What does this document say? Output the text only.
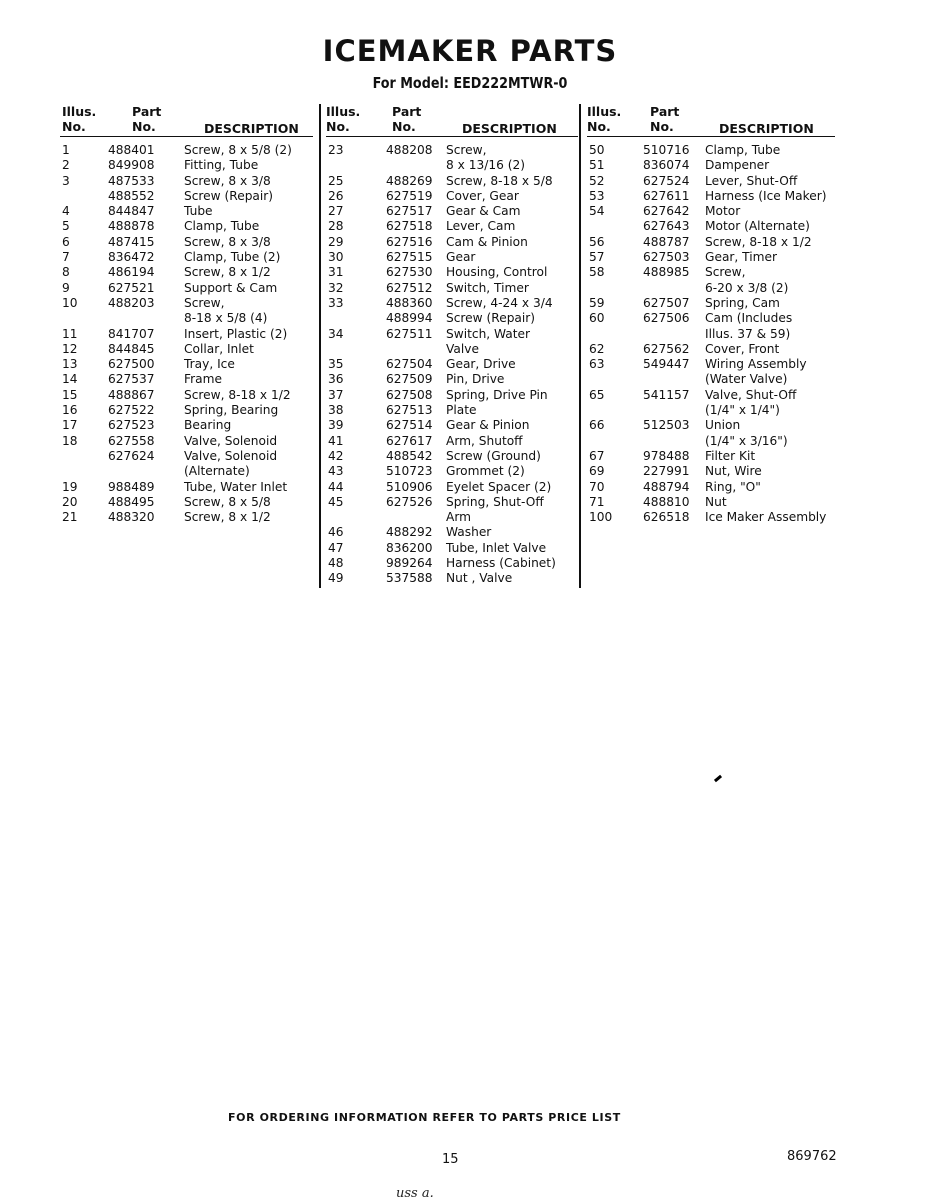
ICEMAKER PARTS
For Model: EED222MTWR-0
Illus.
No.
Part
No.	DESCRIPTION
1	488401 Screw, 8 x 5/8 (2)
2	849908 Fitting, Tube
3	487533 Screw, 8 x 3/8
488552 Screw (Repair)
4	844847 Tube
5	488878 Clamp, Tube
6	487415 Screw, 8 x 3/8
7	836472 Clamp, Tube (2)
8	486194 Screw, 8 x 1/2
9	627521 Support & Cam
10 488203 Screw,
8-18 x 5/8 (4)
11 841707 Insert, Plastic (2)
12 844845 Collar, Inlet
13 627500 Tray, Ice
14 627537 Frame
15 488867 Screw, 8-18 x 1/2
16 627522 Spring, Bearing
17 627523 Bearing
18 627558 Valve, Solenoid
627624 Valve, Solenoid
(Alternate)
19 988489 Tube, Water Inlet
20 488495 Screw, 8 x 5/8
21 488320 Screw, 8 x 1/2
Illus.
No.
Part
No.	DESCRIPTION
23	488208 Screw,
8 x 13/16 (2)
25	488269 Screw, 8-18 x 5/8
26	627519 Cover, Gear
27	627517 Gear & Cam
28	627518 Lever, Cam
29	627516 Cam & Pinion
30	627515 Gear
31	627530 Housing, Control
32	627512 Switch, Timer
33	488360 Screw, 4-24 x 3/4
488994 Screw (Repair)
34	627511 Switch, Water
Valve
35	627504 Gear, Drive
36	627509 Pin, Drive
37	627508 Spring, Drive Pin
38	627513 Plate
39	627514 Gear & Pinion
41	627617 Arm, Shutoff
42	488542 Screw (Ground)
43	510723 Grommet (2)
44	510906 Eyelet Spacer (2)
45	627526 Spring, Shut-Off
Arm
46	488292 Washer
47	836200 Tube, Inlet Valve
48	989264 Harness (Cabinet)
49	537588 Nut , Valve
Illus.
No.
Part
No.	DESCRIPTION
50	510716 Clamp, Tube
51	836074 Dampener
52	627524 Lever, Shut-Off
53	627611 Harness (Ice Maker)
54	627642 Motor
627643 Motor (Alternate)
56	488787 Screw, 8-18 x 1/2
57	627503 Gear, Timer
58	488985 Screw,
6-20 x 3/8 (2)
59	627507 Spring, Cam
60	627506 Cam (Includes
Illus. 37 & 59)
62	627562 Cover, Front
63	549447 Wiring Assembly
(Water Valve)
65	541157 Valve, Shut-Off
(1/4" x 1/4")
66	512503 Union
(1/4" x 3/16")
67	978488 Filter Kit
69	227991 Nut, Wire
70	488794 Ring, "O"
71	488810 Nut
100	626518 Ice Maker Assembly
FOR ORDERING INFORMATION REFER TO PARTS PRICE LIST
15	869762
uss a.
